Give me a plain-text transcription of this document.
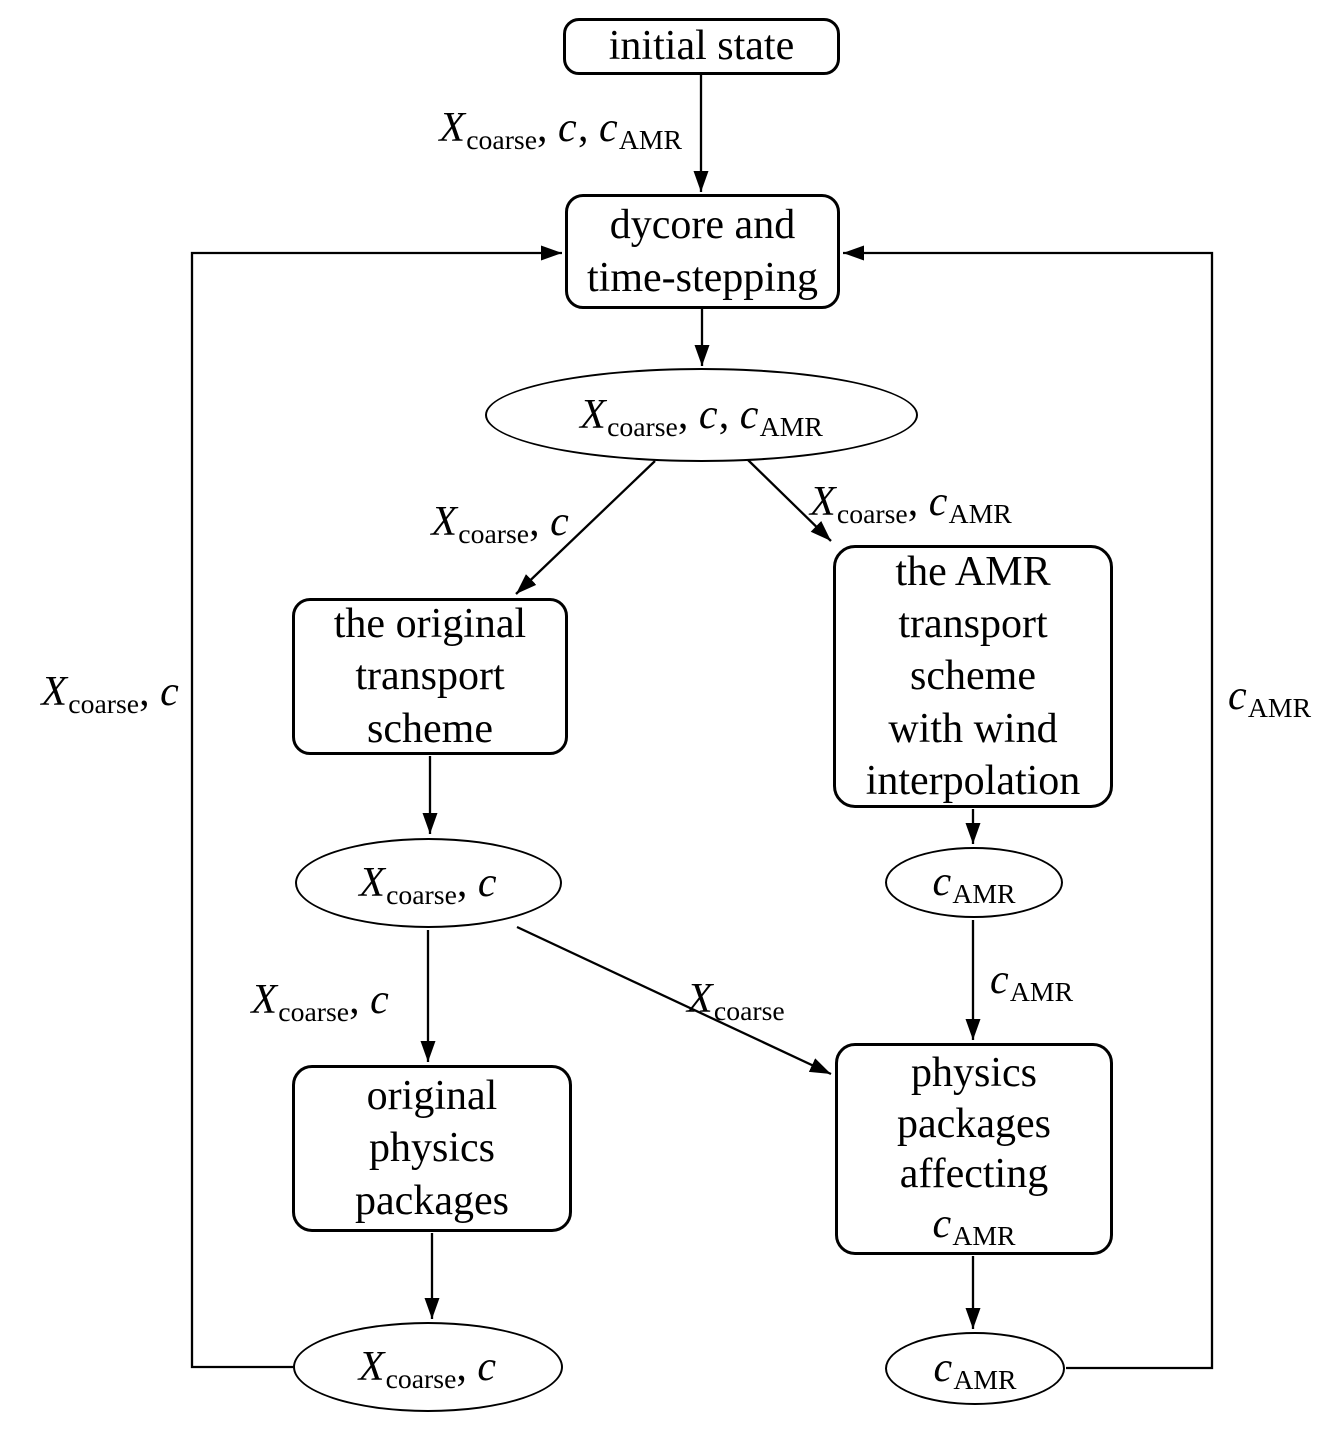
initial state
dycore and
time-stepping
$X_{coarse}$, c, $c_{AMR}$
the original
transport
scheme
the AMR
transport
scheme
with wind
interpolation
$X_{coarse}$, c	$c_{AMR}$
original
physics
packages
physics
packages
affecting
$c_{AMR}$
$X_{coarse}$, c	$c_{AMR}$
$X_{coarse}$, c, $c_{AMR}$
$X_{coarse}$, c	$X_{coarse}$, $c_{AMR}$
$X_{coarse}$, c	$X_{coarse}$
$c_{AMR}$
$X_{coarse}$, c	$c_{AMR}$
